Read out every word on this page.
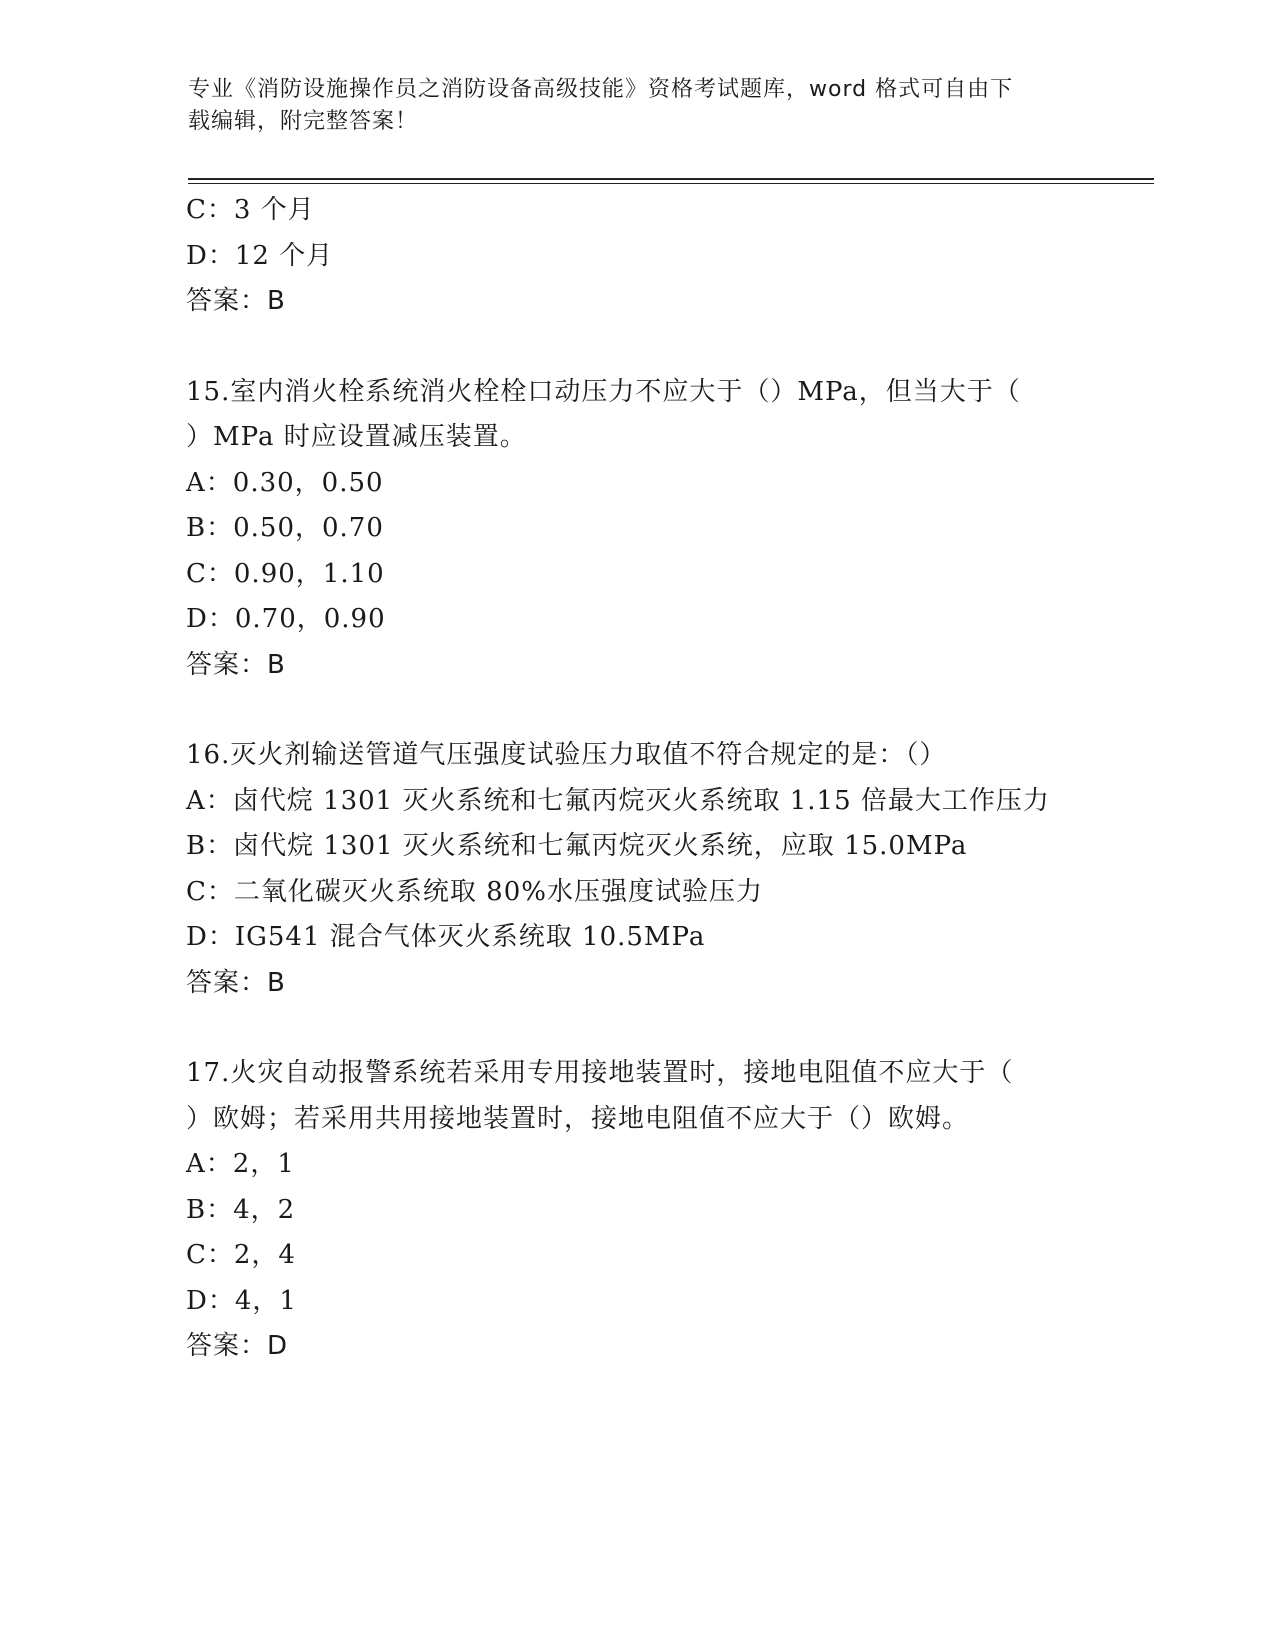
专业《消防设施操作员之消防设备高级技能》资格考试题库，word 格式可自由下
载编辑，附完整答案！
C：3 个月
D：12 个月
答案：B
15.室内消火栓系统消火栓栓口动压力不应大于（）MPa，但当大于（
）MPa 时应设置减压装置。
A：0.30，0.50
B：0.50，0.70
C：0.90，1.10
D：0.70，0.90
答案：B
16.灭火剂输送管道气压强度试验压力取值不符合规定的是：（）
A：卤代烷 1301 灭火系统和七氟丙烷灭火系统取 1.15 倍最大工作压力
B：卤代烷 1301 灭火系统和七氟丙烷灭火系统，应取 15.0MPa
C：二氧化碳灭火系统取 80%水压强度试验压力
D：IG541 混合气体灭火系统取 10.5MPa
答案：B
17.火灾自动报警系统若采用专用接地装置时，接地电阻值不应大于（
）欧姆；若采用共用接地装置时，接地电阻值不应大于（）欧姆。
A：2，1
B：4，2
C：2，4
D：4，1
答案：D
